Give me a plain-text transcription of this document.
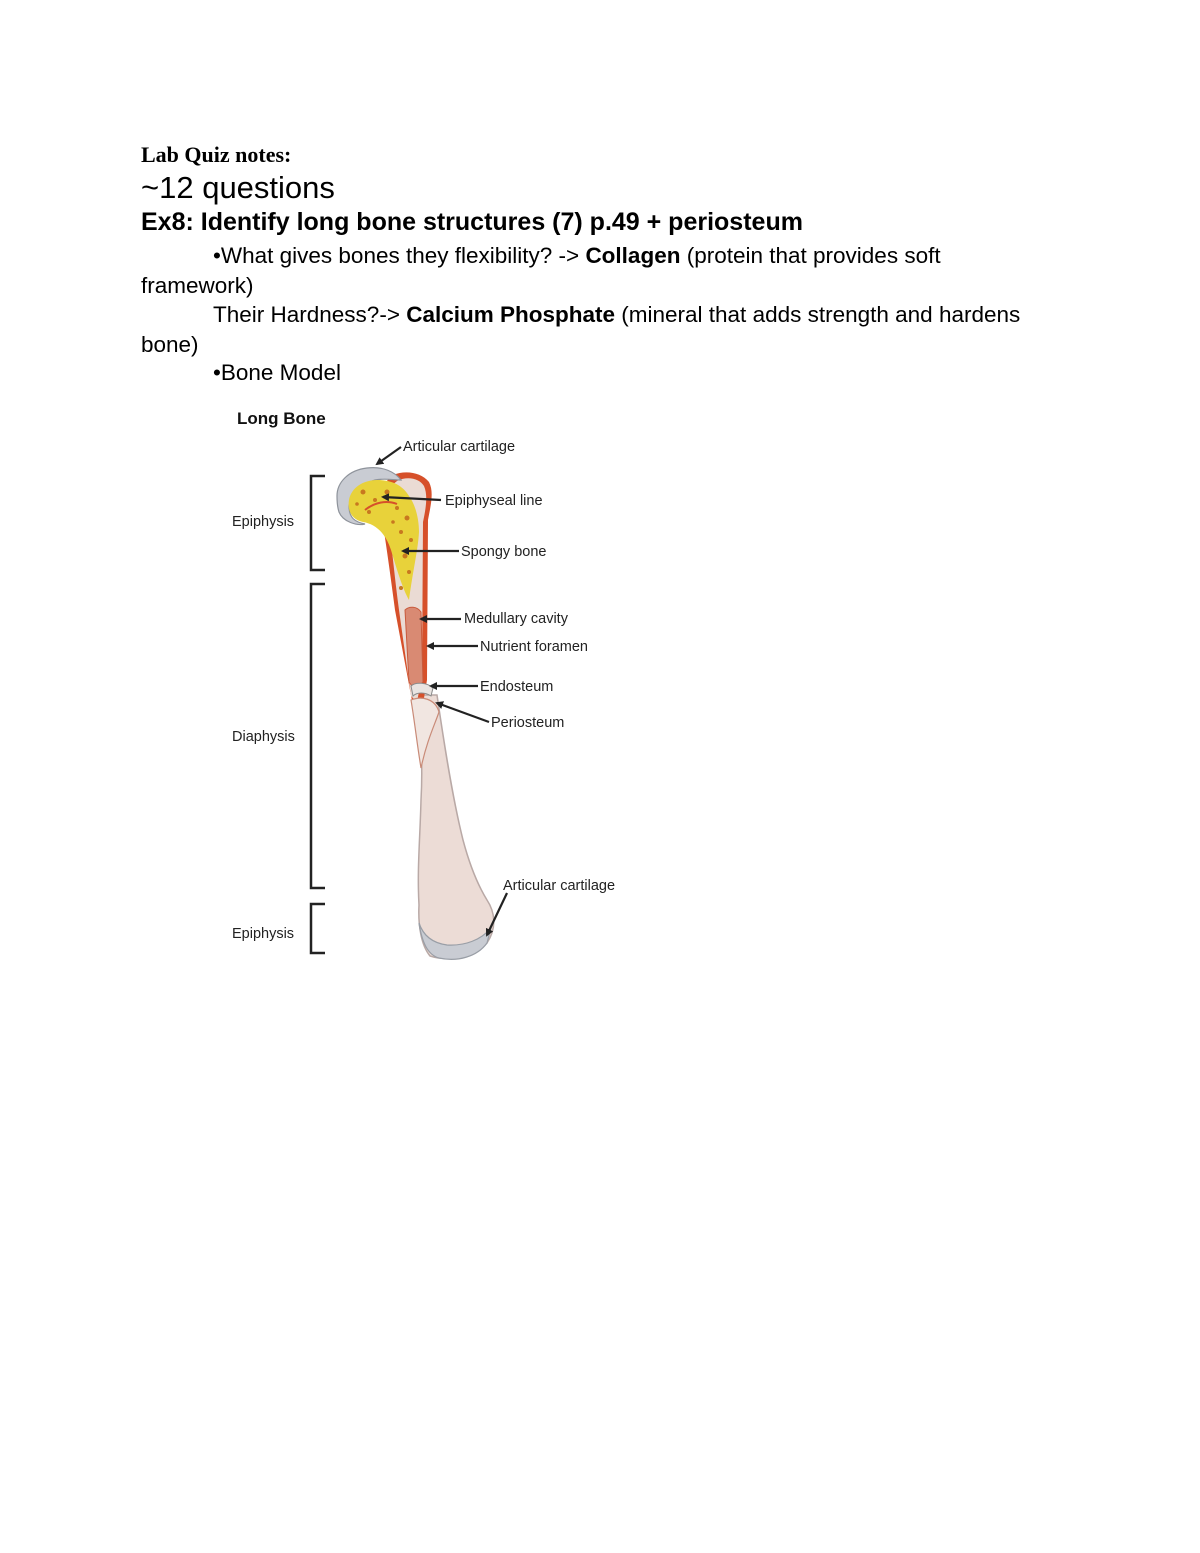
Lab Quiz notes:
~12 questions
Ex8: Identify long bone structures (7) p.49 + periosteum
•What gives bones they flexibility? -> Collagen (protein that provides soft framework)
Their Hardness?-> Calcium Phosphate (mineral that adds strength and hardens bone)
•Bone Model
Long Bone
Epiphysis
Diaphysis
Epiphysis
Articular cartilage
Epiphyseal line
Spongy bone
Medullary cavity
Nutrient foramen
Endosteum
Periosteum
Articular cartilage
